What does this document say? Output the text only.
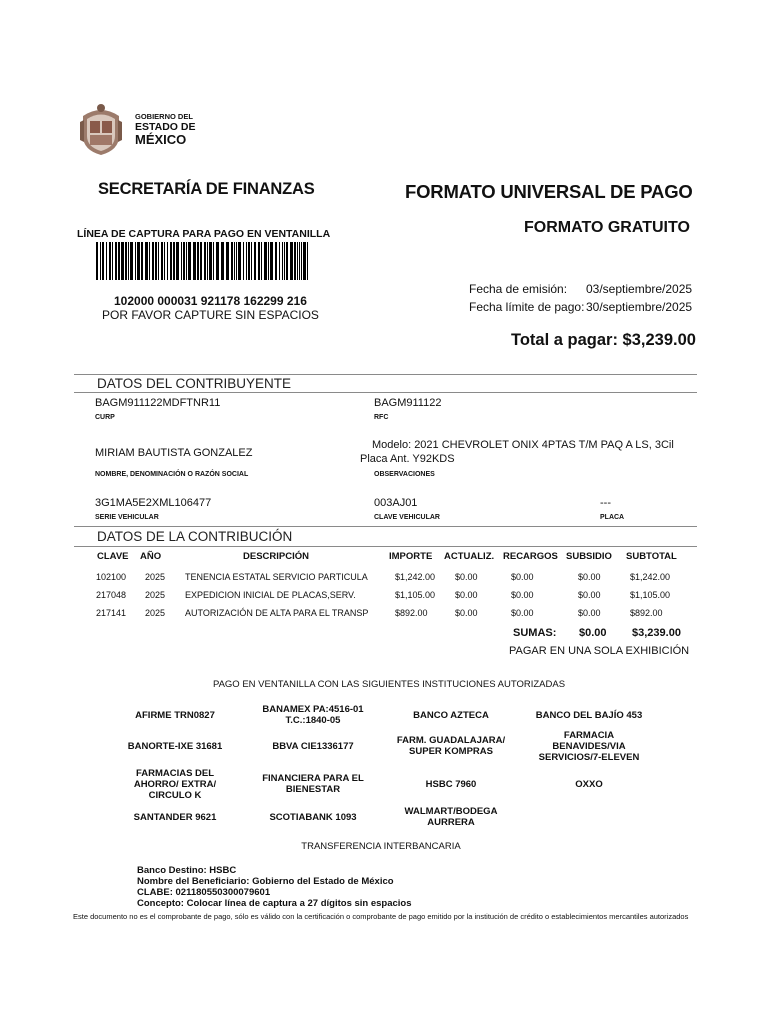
GOBIERNO DEL
ESTADO DE
MÉXICO
SECRETARÍA DE FINANZAS	FORMATO UNIVERSAL DE PAGO
FORMATO GRATUITO
LÍNEA DE CAPTURA PARA PAGO EN VENTANILLA
102000 000031 921178 162299 216
POR FAVOR CAPTURE SIN ESPACIOS
Fecha de emisión: 03/septiembre/2025
Fecha límite de pago: 30/septiembre/2025
Total a pagar: $3,239.00
DATOS DEL CONTRIBUYENTE
BAGM911122MDFTNR11
CURP
BAGM911122
RFC
MIRIAM BAUTISTA GONZALEZ
NOMBRE, DENOMINACIÓN O RAZÓN SOCIAL
Modelo: 2021 CHEVROLET ONIX 4PTAS T/M PAQ A LS, 3Cil
Placa Ant. Y92KDS
OBSERVACIONES
3G1MA5E2XML106477
SERIE VEHICULAR
003AJ01
CLAVE VEHICULAR
---
PLACA
DATOS DE LA CONTRIBUCIÓN
CLAVE AÑO	DESCRIPCIÓN	IMPORTE ACTUALIZ. RECARGOS SUBSIDIO SUBTOTAL
102100 2025 TENENCIA ESTATAL SERVICIO PARTICULA	$1,242.00 $0.00	$0.00	$0.00	$1,242.00
217048 2025 EXPEDICION INICIAL DE PLACAS,SERV.	$1,105.00 $0.00	$0.00	$0.00	$1,105.00
217141 2025 AUTORIZACIÓN DE ALTA PARA EL TRANSP	$892.00	$0.00	$0.00	$0.00	$892.00
SUMAS: $0.00 $3,239.00
PAGAR EN UNA SOLA EXHIBICIÓN
PAGO EN VENTANILLA CON LAS SIGUIENTES INSTITUCIONES AUTORIZADAS
AFIRME TRN0827	BANAMEX PA:4516-01
T.C.:1840-05	BANCO AZTECA	BANCO DEL BAJÍO 453
BANORTE-IXE 31681	BBVA CIE1336177	FARM. GUADALAJARA/
SUPER KOMPRAS
FARMACIA
BENAVIDES/VIA
SERVICIOS/7-ELEVEN
FARMACIAS DEL
AHORRO/ EXTRA/
CIRCULO K
FINANCIERA PARA EL
BIENESTAR	HSBC 7960	OXXO
SANTANDER 9621	SCOTIABANK 1093	WALMART/BODEGA
AURRERA
TRANSFERENCIA INTERBANCARIA
Banco Destino: HSBC
Nombre del Beneficiario: Gobierno del Estado de México
CLABE: 021180550300079601
Concepto: Colocar línea de captura a 27 dígitos sin espacios
Este documento no es el comprobante de pago, sólo es válido con la certificación o comprobante de pago emitido por la institución de crédito o establecimientos mercantiles autorizados
